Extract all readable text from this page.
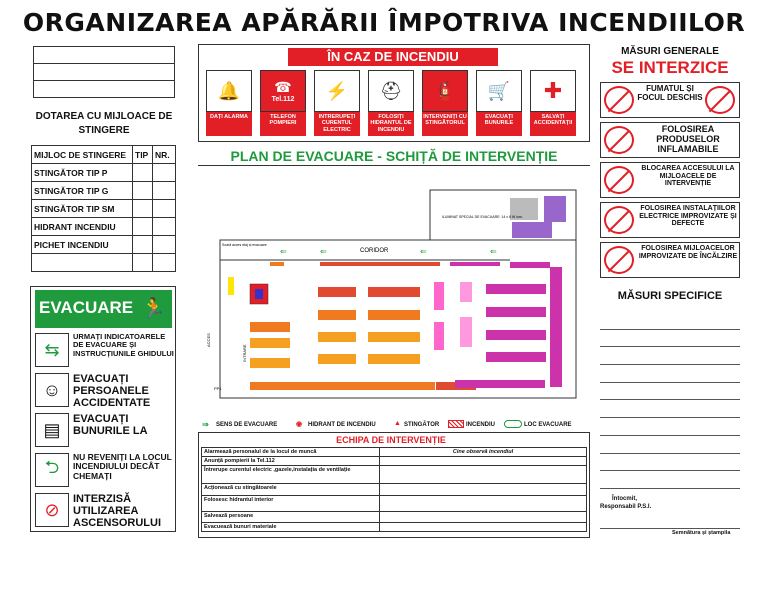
ORGANIZAREA APĂRĂRII ÎMPOTRIVA INCENDIILOR
DOTAREA CU MIJLOACE DE STINGERE
MIJLOC DE STINGERE	TIP	NR.
STINGĂTOR TIP P		
STINGĂTOR TIP G		
STINGĂTOR TIP SM		
HIDRANT INCENDIU		
PICHET INCENDIU		

EVACUARE 🏃
⇆
URMAȚI INDICATOARELE DE EVACUARE ȘI INSTRUCȚIUNILE GHIDULUI
☺
EVACUAȚI PERSOANELE ACCIDENTATE
▤
EVACUAȚI BUNURILE LA
⮌	NU REVENIȚI LA LOCUL INCENDIULUI DECÂT CHEMAȚI
⊘
INTERZISĂ UTILIZAREA ASCENSORULUI
ÎN CAZ DE INCENDIU
🔔
DAȚI ALARMA
☎
Tel.112
TELEFON POMPIERI
⚡
INTRERUPEȚI CURENTUL ELECTRIC
⛑
FOLOSIȚI HIDRANTUL DE INCENDIU
🧯
INTERVENIȚI CU STINGĂTORUL
🛒
EVACUAȚI BUNURILE
✚
SALVAȚI ACCIDENTAȚII
PLAN DE EVACUARE - SCHIȚĂ DE INTERVENȚIE
CORIDOR
Scară acces etaj și evacuare
ILUMINAT SPECIAL DE EVACUARE: 14 x 8 W lum.
ACCES
INTRARE
PP1
⇐	⇐	⇐	⇐
⇒ SENS DE EVACUARE	◉ HIDRANT DE INCENDIU	▲ STINGĂTOR	INCENDIU	LOC EVACUARE
ECHIPA DE INTERVENȚIE
Alarmează personalul de la locul de muncă	Cine observă incendiul
Anunță pompierii la Tel.112	
Întrerupe curentul electric ,gazele,instalația de ventilație	
Acționează cu stingătoarele	
Folosesc hidrantul interior	
Salvează persoane	
Evacuează bunuri materiale	
MĂSURI GENERALE
SE INTERZICE
FUMATUL ȘI FOCUL DESCHIS
FOLOSIREA PRODUSELOR INFLAMABILE
BLOCAREA ACCESULUI LA MIJLOACELE DE INTERVENȚIE
FOLOSIREA INSTALAȚIILOR ELECTRICE IMPROVIZATE ȘI DEFECTE
FOLOSIREA MIJLOACELOR IMPROVIZATE DE ÎNCĂLZIRE
MĂSURI SPECIFICE
Întocmit,
Responsabil P.S.I.
Semnătura și ștampila
